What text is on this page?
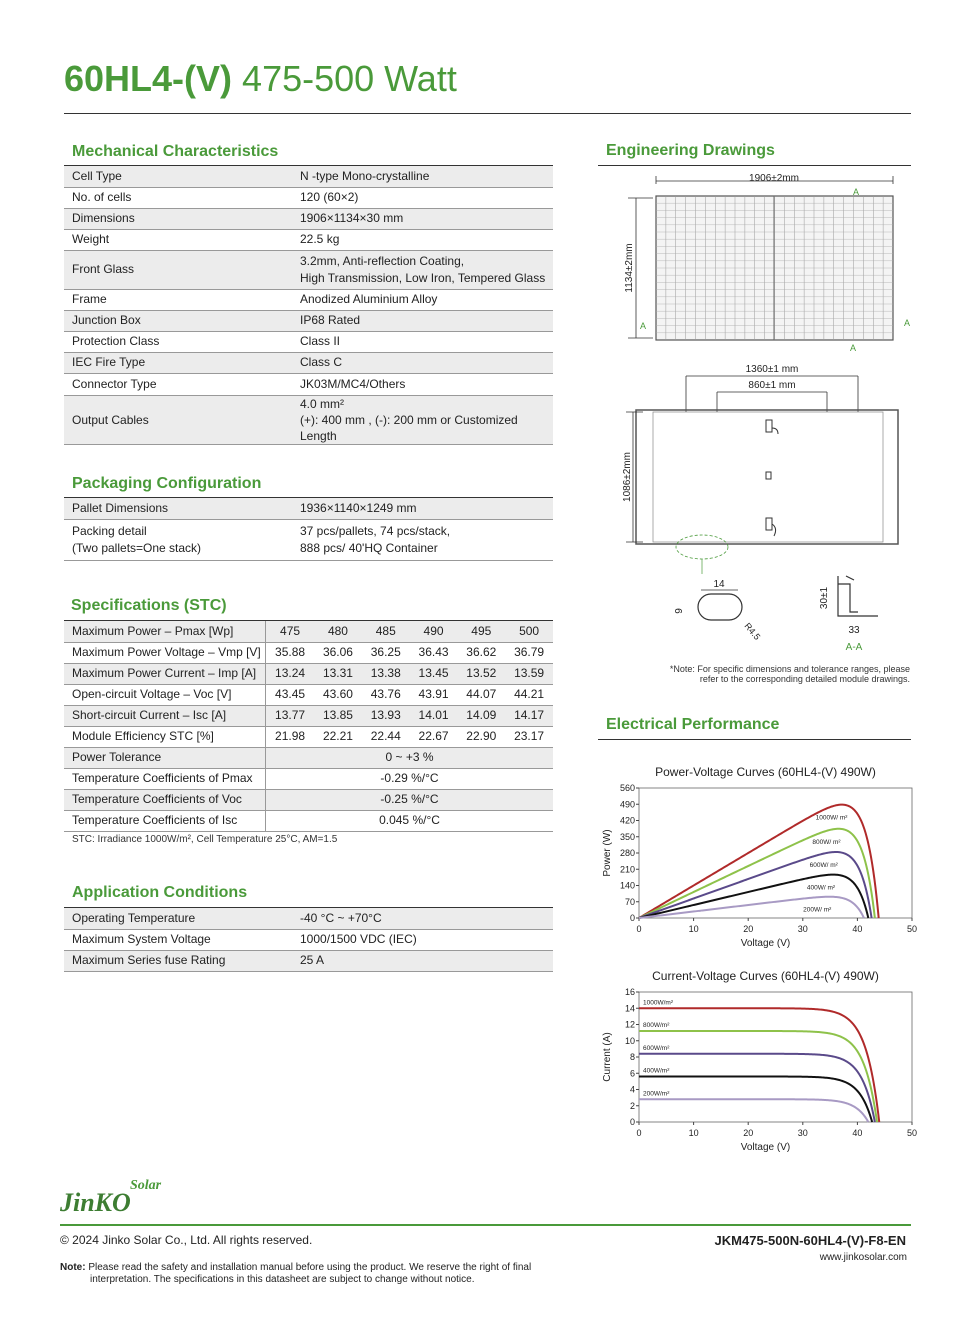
60HL4-(V) 475-500 Watt
Mechanical Characteristics
Cell Type	N -type Mono-crystalline
No. of cells	120 (60×2)
Dimensions	1906×1134×30 mm
Weight	22.5 kg
Front Glass	3.2mm, Anti-reflection Coating,
High Transmission, Low Iron, Tempered Glass
Frame	Anodized Aluminium Alloy
Junction Box	IP68 Rated
Protection Class	Class II
IEC Fire Type	Class C
Connector Type	JK03M/MC4/Others
Output Cables	4.0 mm²
(+): 400 mm , (-): 200 mm or Customized Length
Packaging Configuration
Pallet Dimensions	1936×1140×1249 mm
Packing detail
(Two pallets=One stack)	37 pcs/pallets, 74 pcs/stack,
888 pcs/ 40'HQ Container
Specifications (STC)
Maximum Power – Pmax [Wp]	475	480	485	490	495	500
Maximum Power Voltage – Vmp [V]	35.88	36.06	36.25	36.43	36.62	36.79
Maximum Power Current – Imp [A]	13.24	13.31	13.38	13.45	13.52	13.59
Open-circuit Voltage – Voc [V]	43.45	43.60	43.76	43.91	44.07	44.21
Short-circuit Current – Isc [A]	13.77	13.85	13.93	14.01	14.09	14.17
Module Efficiency STC [%]	21.98	22.21	22.44	22.67	22.90	23.17
Power Tolerance	0 ~ +3 %					
Temperature Coefficients of Pmax	-0.29 %/°C					
Temperature Coefficients of Voc	-0.25 %/°C					
Temperature Coefficients of Isc	0.045 %/°C					
STC: Irradiance 1000W/m², Cell Temperature 25°C, AM=1.5
Application Conditions
Operating Temperature	-40 °C ~ +70°C
Maximum System Voltage	1000/1500 VDC (IEC)
Maximum Series fuse Rating	25 A
Engineering Drawings
1906±2mm
1134±2mm
A
A	A
A
1360±1 mm
860±1 mm
1086±2mm
14
9
R4.5
30±1
33
A-A
*Note: For specific dimensions and tolerance ranges, please
refer to the corresponding detailed module drawings.
Electrical Performance
Power-Voltage Curves (60HL4-(V) 490W)
0	10	20	30	40	50
0
70
140
210
280
350
420
490
560
Voltage (V)
Power (W)
1000W/ m²
800W/ m²
600W/ m²
400W/ m²
200W/ m²
Current-Voltage Curves (60HL4-(V) 490W)
0	10	20	30	40	50
0
2
4
6
8
10
12
14
16
Voltage (V)
Current (A)
1000W/m²
800W/m²
600W/m²
400W/m²
200W/m²
Solar
JinKO
© 2024 Jinko Solar Co., Ltd. All rights reserved.	JKM475-500N-60HL4-(V)-F8-EN
www.jinkosolar.com
Note: Please read the safety and installation manual before using the product. We reserve the right of final
interpretation. The specifications in this datasheet are subject to change without notice.
